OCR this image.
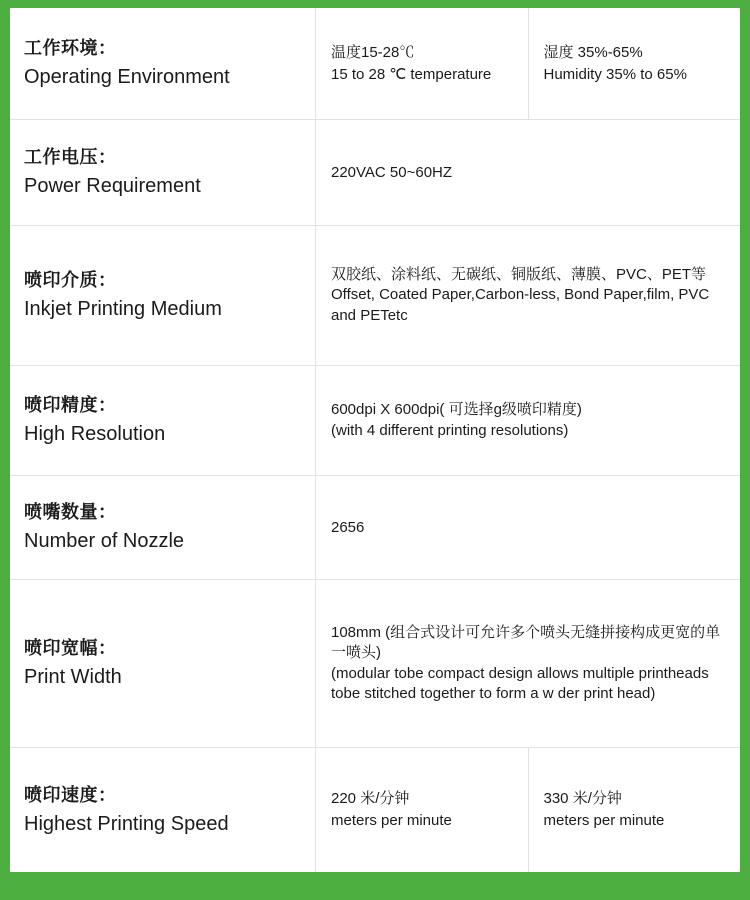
工作环境：
Operating Environment
温度15-28℃
15 to 28 ℃ temperature
湿度 35%-65%
Humidity 35% to 65%
工作电压：
Power Requirement
220VAC 50~60HZ
喷印介质：
Inkjet Printing Medium
双胶纸、涂料纸、无碳纸、铜版纸、薄膜、PVC、PET等
Offset, Coated Paper,Carbon-less, Bond Paper,film, PVC and PETetc
喷印精度：
High Resolution
600dpi X 600dpi( 可选择g级喷印精度)
(with 4 different printing resolutions)
喷嘴数量：
Number of Nozzle
2656
喷印宽幅：
Print Width
108mm (组合式设计可允许多个喷头无缝拼接构成更宽的单一喷头)
(modular tobe compact design allows multiple printheads tobe stitched together to form a w der print head)
喷印速度：
Highest Printing Speed
220 米/分钟
meters per minute
330 米/分钟
meters per minute
